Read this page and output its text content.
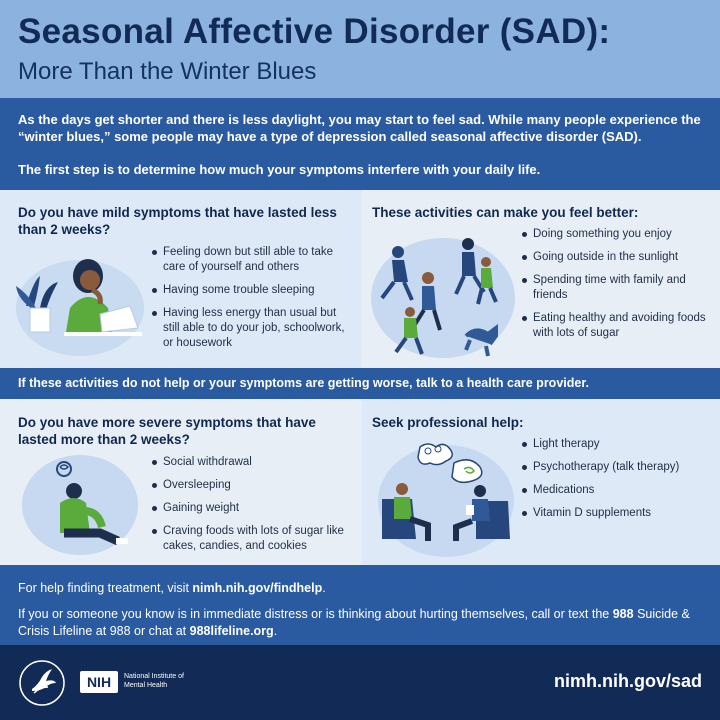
Seasonal Affective Disorder (SAD):
More Than the Winter Blues
As the days get shorter and there is less daylight, you may start to feel sad. While many people experience the “winter blues,” some people may have a type of depression called seasonal affective disorder (SAD).
The first step is to determine how much your symptoms interfere with your daily life.
Do you have mild symptoms that have lasted less than 2 weeks?
Feeling down but still able to take care of yourself and others
Having some trouble sleeping
Having less energy than usual but still able to do your job, schoolwork, or housework
These activities can make you feel better:
Doing something you enjoy
Going outside in the sunlight
Spending time with family and friends
Eating healthy and avoiding foods with lots of sugar
If these activities do not help or your symptoms are getting worse, talk to a health care provider.
Do you have more severe symptoms that have lasted more than 2 weeks?
Social withdrawal
Oversleeping
Gaining weight
Craving foods with lots of sugar like cakes, candies, and cookies
Seek professional help:
Light therapy
Psychotherapy (talk therapy)
Medications
Vitamin D supplements
For help finding treatment, visit nimh.nih.gov/findhelp.
If you or someone you know is in immediate distress or is thinking about hurting themselves, call or text the 988 Suicide & Crisis Lifeline at 988 or chat at 988lifeline.org.
NIH	National Institute of Mental Health	nimh.nih.gov/sad
